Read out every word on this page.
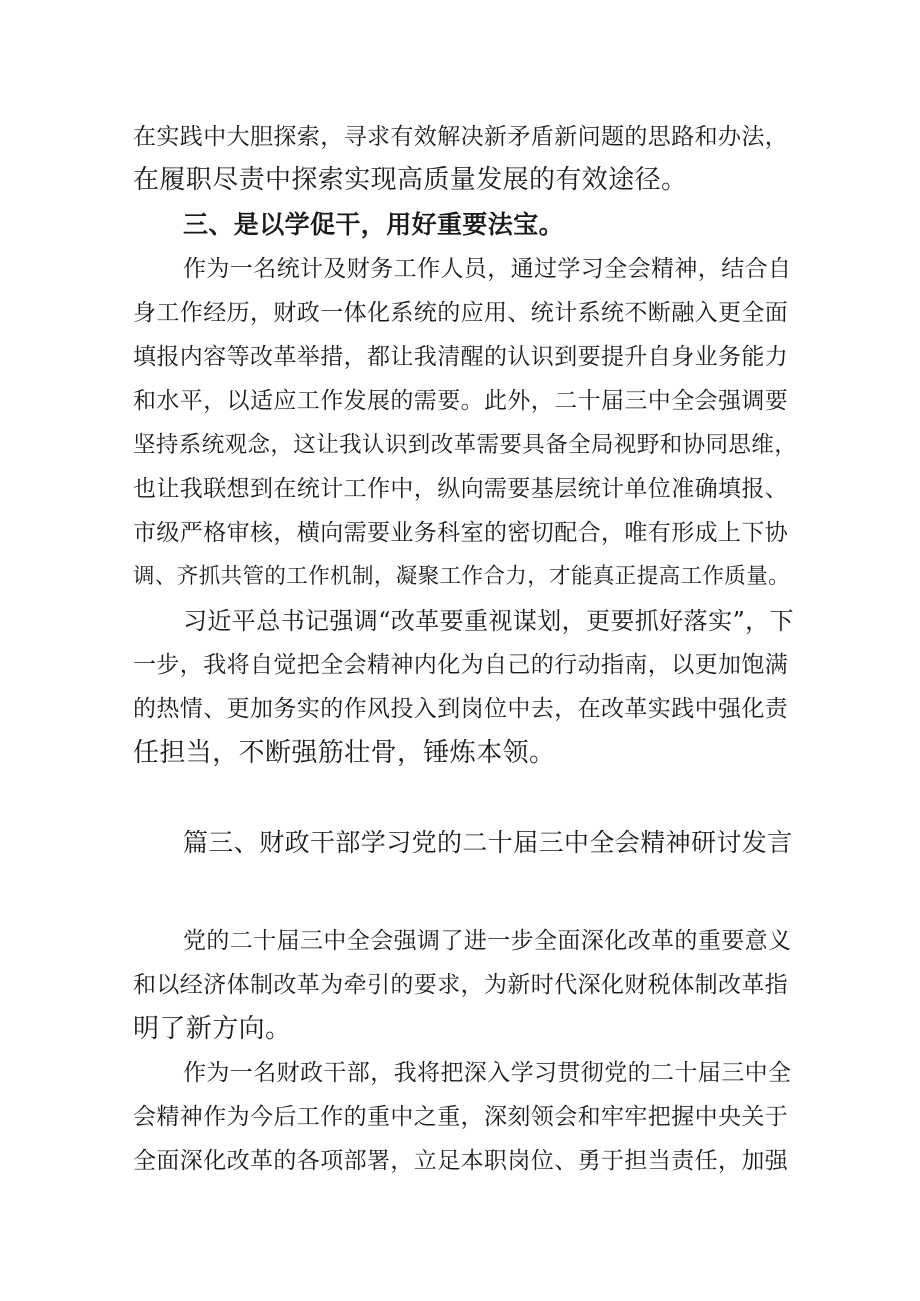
在实践中大胆探索，寻求有效解决新矛盾新问题的思路和办法，
在履职尽责中探索实现高质量发展的有效途径。
三、是以学促干，用好重要法宝。
作为一名统计及财务工作人员，通过学习全会精神，结合自
身工作经历，财政一体化系统的应用、统计系统不断融入更全面
填报内容等改革举措，都让我清醒的认识到要提升自身业务能力
和水平，以适应工作发展的需要。此外，二十届三中全会强调要
坚持系统观念，这让我认识到改革需要具备全局视野和协同思维，
也让我联想到在统计工作中，纵向需要基层统计单位准确填报、
市级严格审核，横向需要业务科室的密切配合，唯有形成上下协
调、齐抓共管的工作机制，凝聚工作合力，才能真正提高工作质量。
习近平总书记强调“改革要重视谋划，更要抓好落实”，下
一步，我将自觉把全会精神内化为自己的行动指南，以更加饱满
的热情、更加务实的作风投入到岗位中去，在改革实践中强化责
任担当，不断强筋壮骨，锤炼本领。
篇三、财政干部学习党的二十届三中全会精神研讨发言
党的二十届三中全会强调了进一步全面深化改革的重要意义
和以经济体制改革为牵引的要求，为新时代深化财税体制改革指
明了新方向。
作为一名财政干部，我将把深入学习贯彻党的二十届三中全
会精神作为今后工作的重中之重，深刻领会和牢牢把握中央关于
全面深化改革的各项部署，立足本职岗位、勇于担当责任，加强
